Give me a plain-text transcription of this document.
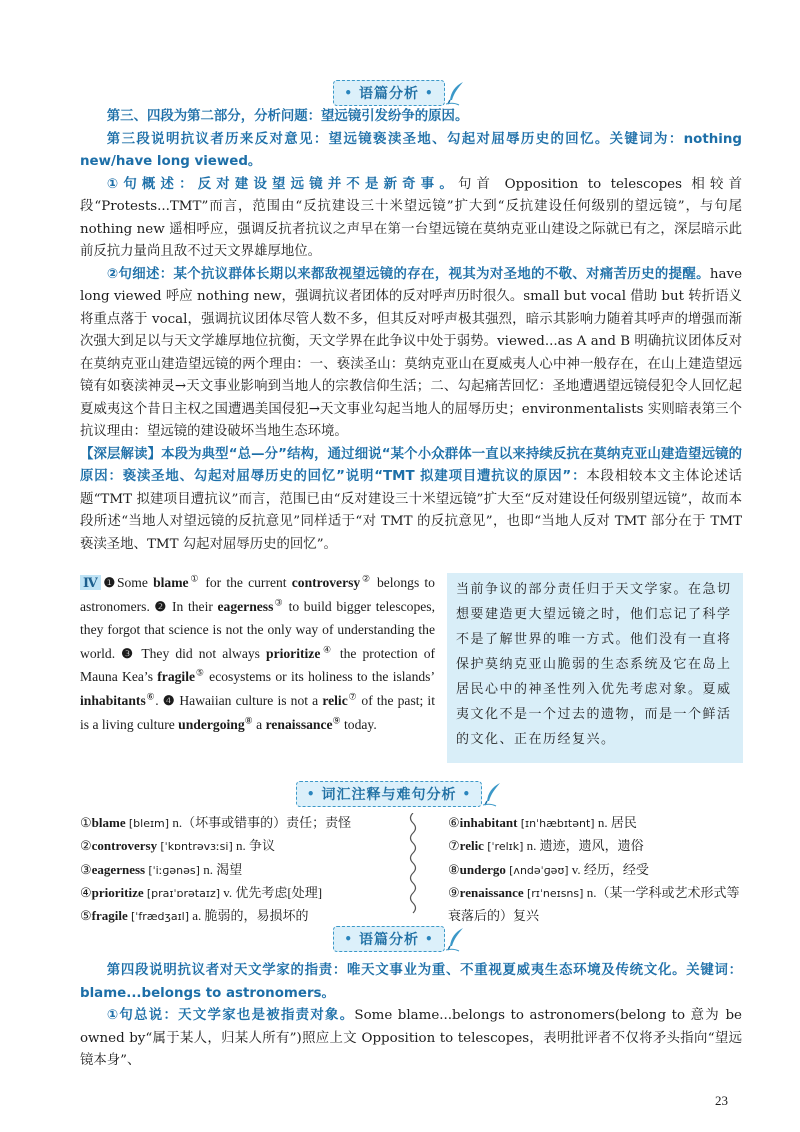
• 语篇分析 •

第三、四段为第二部分，分析问题：望远镜引发纷争的原因。

第三段说明抗议者历来反对意见：望远镜亵渎圣地、勾起对屈辱历史的回忆。关键词为：nothing new/have long viewed。

①句概述：反对建设望远镜并不是新奇事。句首 Opposition to telescopes 相较首段“Protests...TMT”而言，范围由“反抗建设三十米望远镜”扩大到“反抗建设任何级别的望远镜”，与句尾 nothing new 遥相呼应，强调反抗者抗议之声早在第一台望远镜在莫纳克亚山建设之际就已有之，深层暗示此前反抗力量尚且敌不过天文界雄厚地位。

②句细述：某个抗议群体长期以来都敌视望远镜的存在，视其为对圣地的不敬、对痛苦历史的提醒。have long viewed 呼应 nothing new，强调抗议者团体的反对呼声历时很久。small but vocal 借助 but 转折语义将重点落于 vocal，强调抗议团体尽管人数不多，但其反对呼声极其强烈，暗示其影响力随着其呼声的增强而渐次强大到足以与天文学雄厚地位抗衡，天文学界在此争议中处于弱势。viewed...as A and B 明确抗议团体反对在莫纳克亚山建造望远镜的两个理由：一、亵渎圣山：莫纳克亚山在夏威夷人心中神一般存在，在山上建造望远镜有如亵渎神灵→天文事业影响到当地人的宗教信仰生活；二、勾起痛苦回忆：圣地遭遇望远镜侵犯令人回忆起夏威夷这个昔日主权之国遭遇美国侵犯→天文事业勾起当地人的屈辱历史；environmentalists 实则暗表第三个抗议理由：望远镜的建设破坏当地生态环境。

【深层解读】本段为典型“总—分”结构，通过细说“某个小众群体一直以来持续反抗在莫纳克亚山建造望远镜的原因：亵渎圣地、勾起对屈辱历史的回忆”说明“TMT 拟建项目遭抗议的原因”：本段相较本文主体论述话题“TMT 拟建项目遭抗议”而言，范围已由“反对建设三十米望远镜”扩大至“反对建设任何级别望远镜”，故而本段所述“当地人对望远镜的反抗意见”同样适于“对 TMT 的反抗意见”，也即“当地人反对 TMT 部分在于 TMT 亵渎圣地、TMT 勾起对屈辱历史的回忆”。

Ⅳ ❶Some blame① for the current controversy② belongs to astronomers. ❷ In their eagerness③ to build bigger telescopes, they forgot that science is not the only way of understanding the world. ❸ They did not always prioritize④ the protection of Mauna Kea’s fragile⑤ ecosystems or its holiness to the islands’ inhabitants⑥. ❹ Hawaiian culture is not a relic⑦ of the past; it is a living culture undergoing⑧ a renaissance⑨ today.
当前争议的部分责任归于天文学家。在急切想要建造更大望远镜之时，他们忘记了科学不是了解世界的唯一方式。他们没有一直将保护莫纳克亚山脆弱的生态系统及它在岛上居民心中的神圣性列入优先考虑对象。夏威夷文化不是一个过去的遗物，而是一个鲜活的文化、正在历经复兴。
• 词汇注释与难句分析 •
①blame [bleɪm] n.（坏事或错事的）责任；责怪
②controversy [ˈkɒntrəvɜːsi] n. 争议
③eagerness [ˈiːɡənəs] n. 渴望
④prioritize [praɪˈɒrətaɪz] v. 优先考虑[处理]
⑤fragile [ˈfrædʒaɪl] a. 脆弱的，易损坏的
⑥inhabitant [ɪnˈhæbɪtənt] n. 居民
⑦relic [ˈrelɪk] n. 遗迹，遗风，遗俗
⑧undergo [ʌndəˈɡəʊ] v. 经历，经受
⑨renaissance [rɪˈneɪsns] n.（某一学科或艺术形式等衰落后的）复兴
• 语篇分析 •

第四段说明抗议者对天文学家的指责：唯天文事业为重、不重视夏威夷生态环境及传统文化。关键词：blame...belongs to astronomers。

①句总说：天文学家也是被指责对象。Some blame...belongs to astronomers(belong to 意为 be owned by“属于某人，归某人所有”)照应上文 Opposition to telescopes，表明批评者不仅将矛头指向“望远镜本身”、

23
